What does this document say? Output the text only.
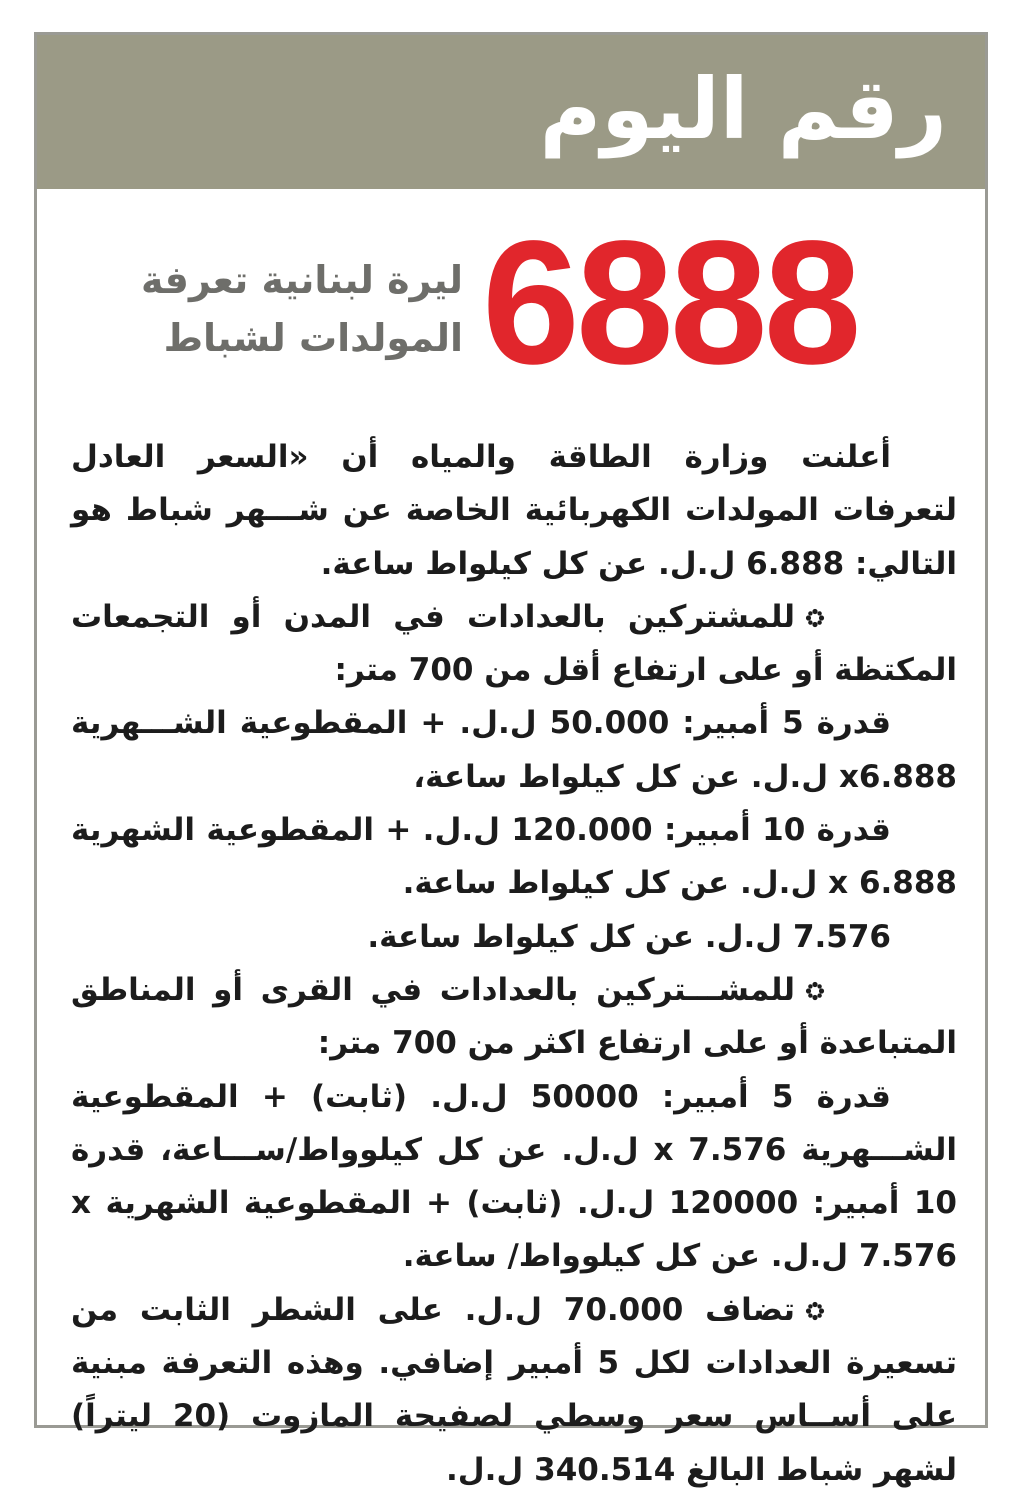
رقم اليوم
6888
ليرة لبنانية تعرفة
المولدات لشباط

أعلنت وزارة الطاقة والمياه أن «السعر العادل لتعرفات المولدات الكهربائية الخاصة عن شـــهر شباط هو التالي: 6.888 ل.ل. عن كل كيلواط ساعة.

للمشتركين بالعدادات في المدن أو التجمعات المكتظة أو على ارتفاع أقل من 700 متر:

قدرة 5 أمبير: 50.000 ل.ل. + المقطوعية الشـــهرية x6.888 ل.ل. عن كل كيلواط ساعة،

قدرة 10 أمبير: 120.000 ل.ل. + المقطوعية الشهرية x 6.888 ل.ل. عن كل كيلواط ساعة.

7.576 ل.ل. عن كل كيلواط ساعة.

للمشـــتركين بالعدادات في القرى أو المناطق المتباعدة أو على ارتفاع اكثر من 700 متر:

قدرة 5 أمبير: 50000 ل.ل. (ثابت) + المقطوعية الشـــهرية x 7.576 ل.ل. عن كل كيلوواط/ســـاعة، قدرة 10 أمبير: 120000 ل.ل. (ثابت) + المقطوعية الشهرية x 7.576 ل.ل. عن كل كيلوواط/ ساعة.

تضاف 70.000 ل.ل. على الشطر الثابت من تسعيرة العدادات لكل 5 أمبير إضافي. وهذه التعرفة مبنية على أســاس سعر وسطي لصفيحة المازوت (20 ليتراً) لشهر شباط البالغ 340.514 ل.ل.
